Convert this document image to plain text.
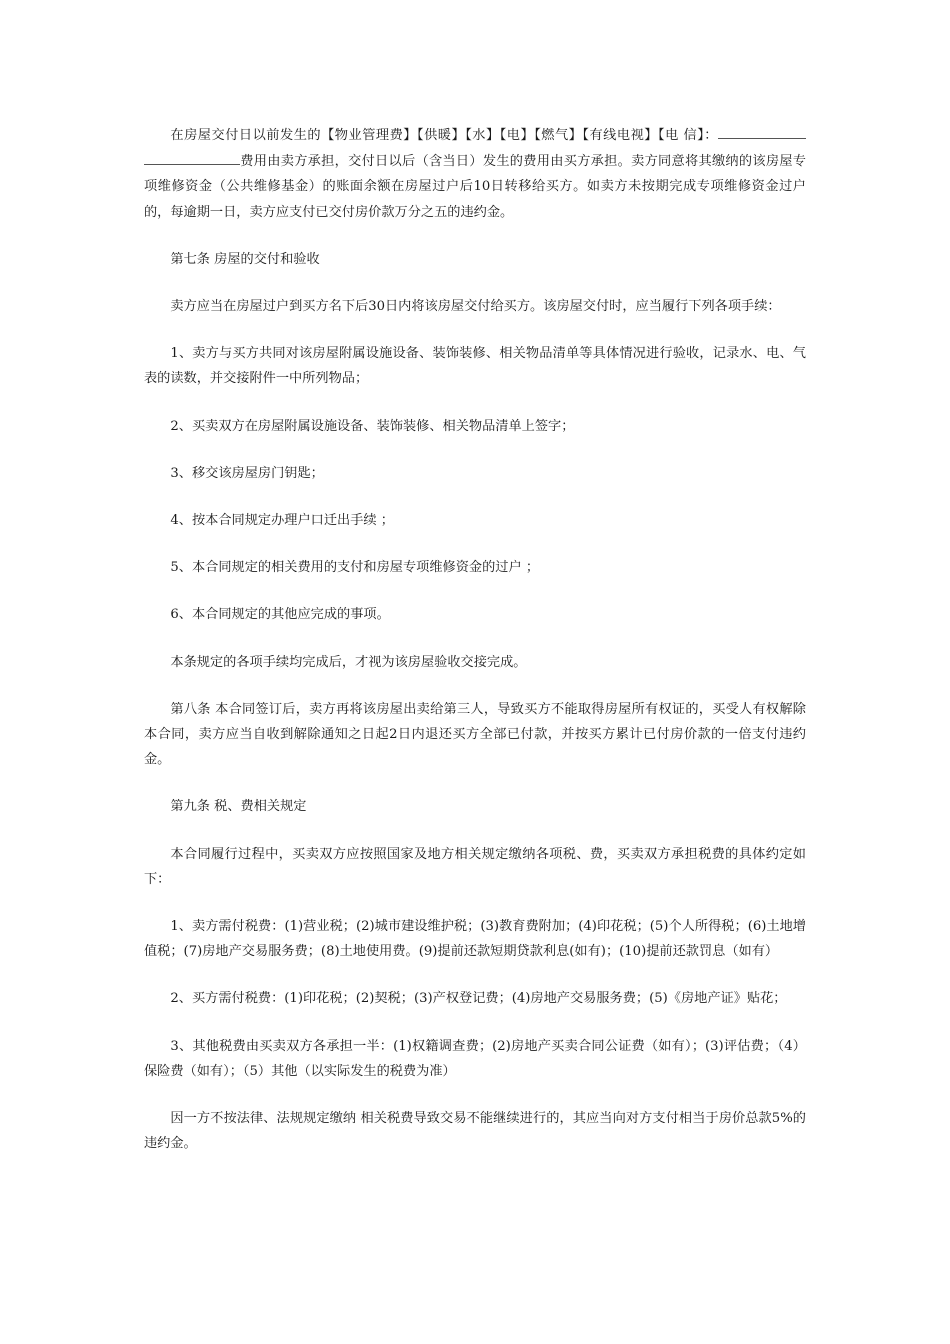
在房屋交付日以前发生的【物业管理费】【供暖】【水】【电】【燃气】【有线电视】【电 信】：费用由卖方承担，交付日以后（含当日）发生的费用由买方承担。卖方同意将其缴纳的该房屋专项维修资金（公共维修基金）的账面余额在房屋过户后10日转移给买方。如卖方未按期完成专项维修资金过户的，每逾期一日，卖方应支付已交付房价款万分之五的违约金。

第七条 房屋的交付和验收

卖方应当在房屋过户到买方名下后30日内将该房屋交付给买方。该房屋交付时，应当履行下列各项手续：

1、卖方与买方共同对该房屋附属设施设备、装饰装修、相关物品清单等具体情况进行验收，记录水、电、气表的读数，并交接附件一中所列物品；

2、买卖双方在房屋附属设施设备、装饰装修、相关物品清单上签字；

3、移交该房屋房门钥匙；

4、按本合同规定办理户口迁出手续 ；

5、本合同规定的相关费用的支付和房屋专项维修资金的过户 ；

6、本合同规定的其他应完成的事项。

本条规定的各项手续均完成后，才视为该房屋验收交接完成。

第八条 本合同签订后，卖方再将该房屋出卖给第三人，导致买方不能取得房屋所有权证的，买受人有权解除本合同，卖方应当自收到解除通知之日起2日内退还买方全部已付款，并按买方累计已付房价款的一倍支付违约金。

第九条 税、费相关规定

本合同履行过程中，买卖双方应按照国家及地方相关规定缴纳各项税、费，买卖双方承担税费的具体约定如下：

1、卖方需付税费：(1)营业税；(2)城市建设维护税；(3)教育费附加；(4)印花税；(5)个人所得税；(6)土地增值税；(7)房地产交易服务费；(8)土地使用费。(9)提前还款短期贷款利息(如有)；(10)提前还款罚息（如有）

2、买方需付税费：(1)印花税；(2)契税；(3)产权登记费；(4)房地产交易服务费；(5)《房地产证》贴花；

3、其他税费由买卖双方各承担一半：(1)权籍调查费；(2)房地产买卖合同公证费（如有）；(3)评估费；（4）保险费（如有）；（5）其他（以实际发生的税费为准）

因一方不按法律、法规规定缴纳 相关税费导致交易不能继续进行的，其应当向对方支付相当于房价总款5%的违约金。
